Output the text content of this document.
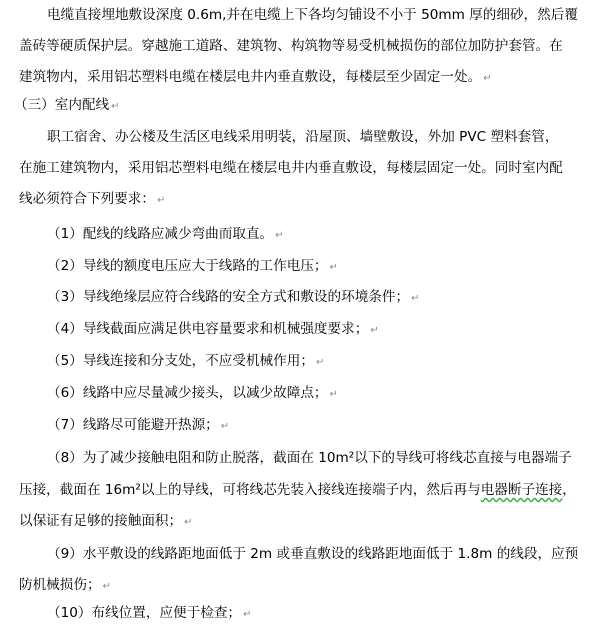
电缆直接埋地敷设深度 0.6m,并在电缆上下各均匀铺设不小于 50mm 厚的细砂，然后覆
盖砖等硬质保护层。穿越施工道路、建筑物、构筑物等易受机械损伤的部位加防护套管。在
建筑物内，采用铝芯塑料电缆在楼层电井内垂直敷设，每楼层至少固定一处。 ↵
（三）室内配线 ↵
职工宿舍、办公楼及生活区电线采用明装，沿屋顶、墙壁敷设，外加 PVC 塑料套管，
在施工建筑物内，采用铝芯塑料电缆在楼层电井内垂直敷设，每楼层固定一处。同时室内配
线必须符合下列要求： ↵
（1）配线的线路应减少弯曲而取直。 ↵
（2）导线的额度电压应大于线路的工作电压； ↵
（3）导线绝缘层应符合线路的安全方式和敷设的环境条件； ↵
（4）导线截面应满足供电容量要求和机械强度要求； ↵
（5）导线连接和分支处，不应受机械作用； ↵
（6）线路中应尽量减少接头，以减少故障点； ↵
（7）线路尽可能避开热源； ↵
（8）为了减少接触电阻和防止脱落，截面在 10m²以下的导线可将线芯直接与电器端子
压接，截面在 16m²以上的导线，可将线芯先装入接线连接端子内，然后再与电器断子连接，
以保证有足够的接触面积； ↵
（9）水平敷设的线路距地面低于 2m 或垂直敷设的线路距地面低于 1.8m 的线段，应预
防机械损伤； ↵
（10）布线位置，应便于检查； ↵
